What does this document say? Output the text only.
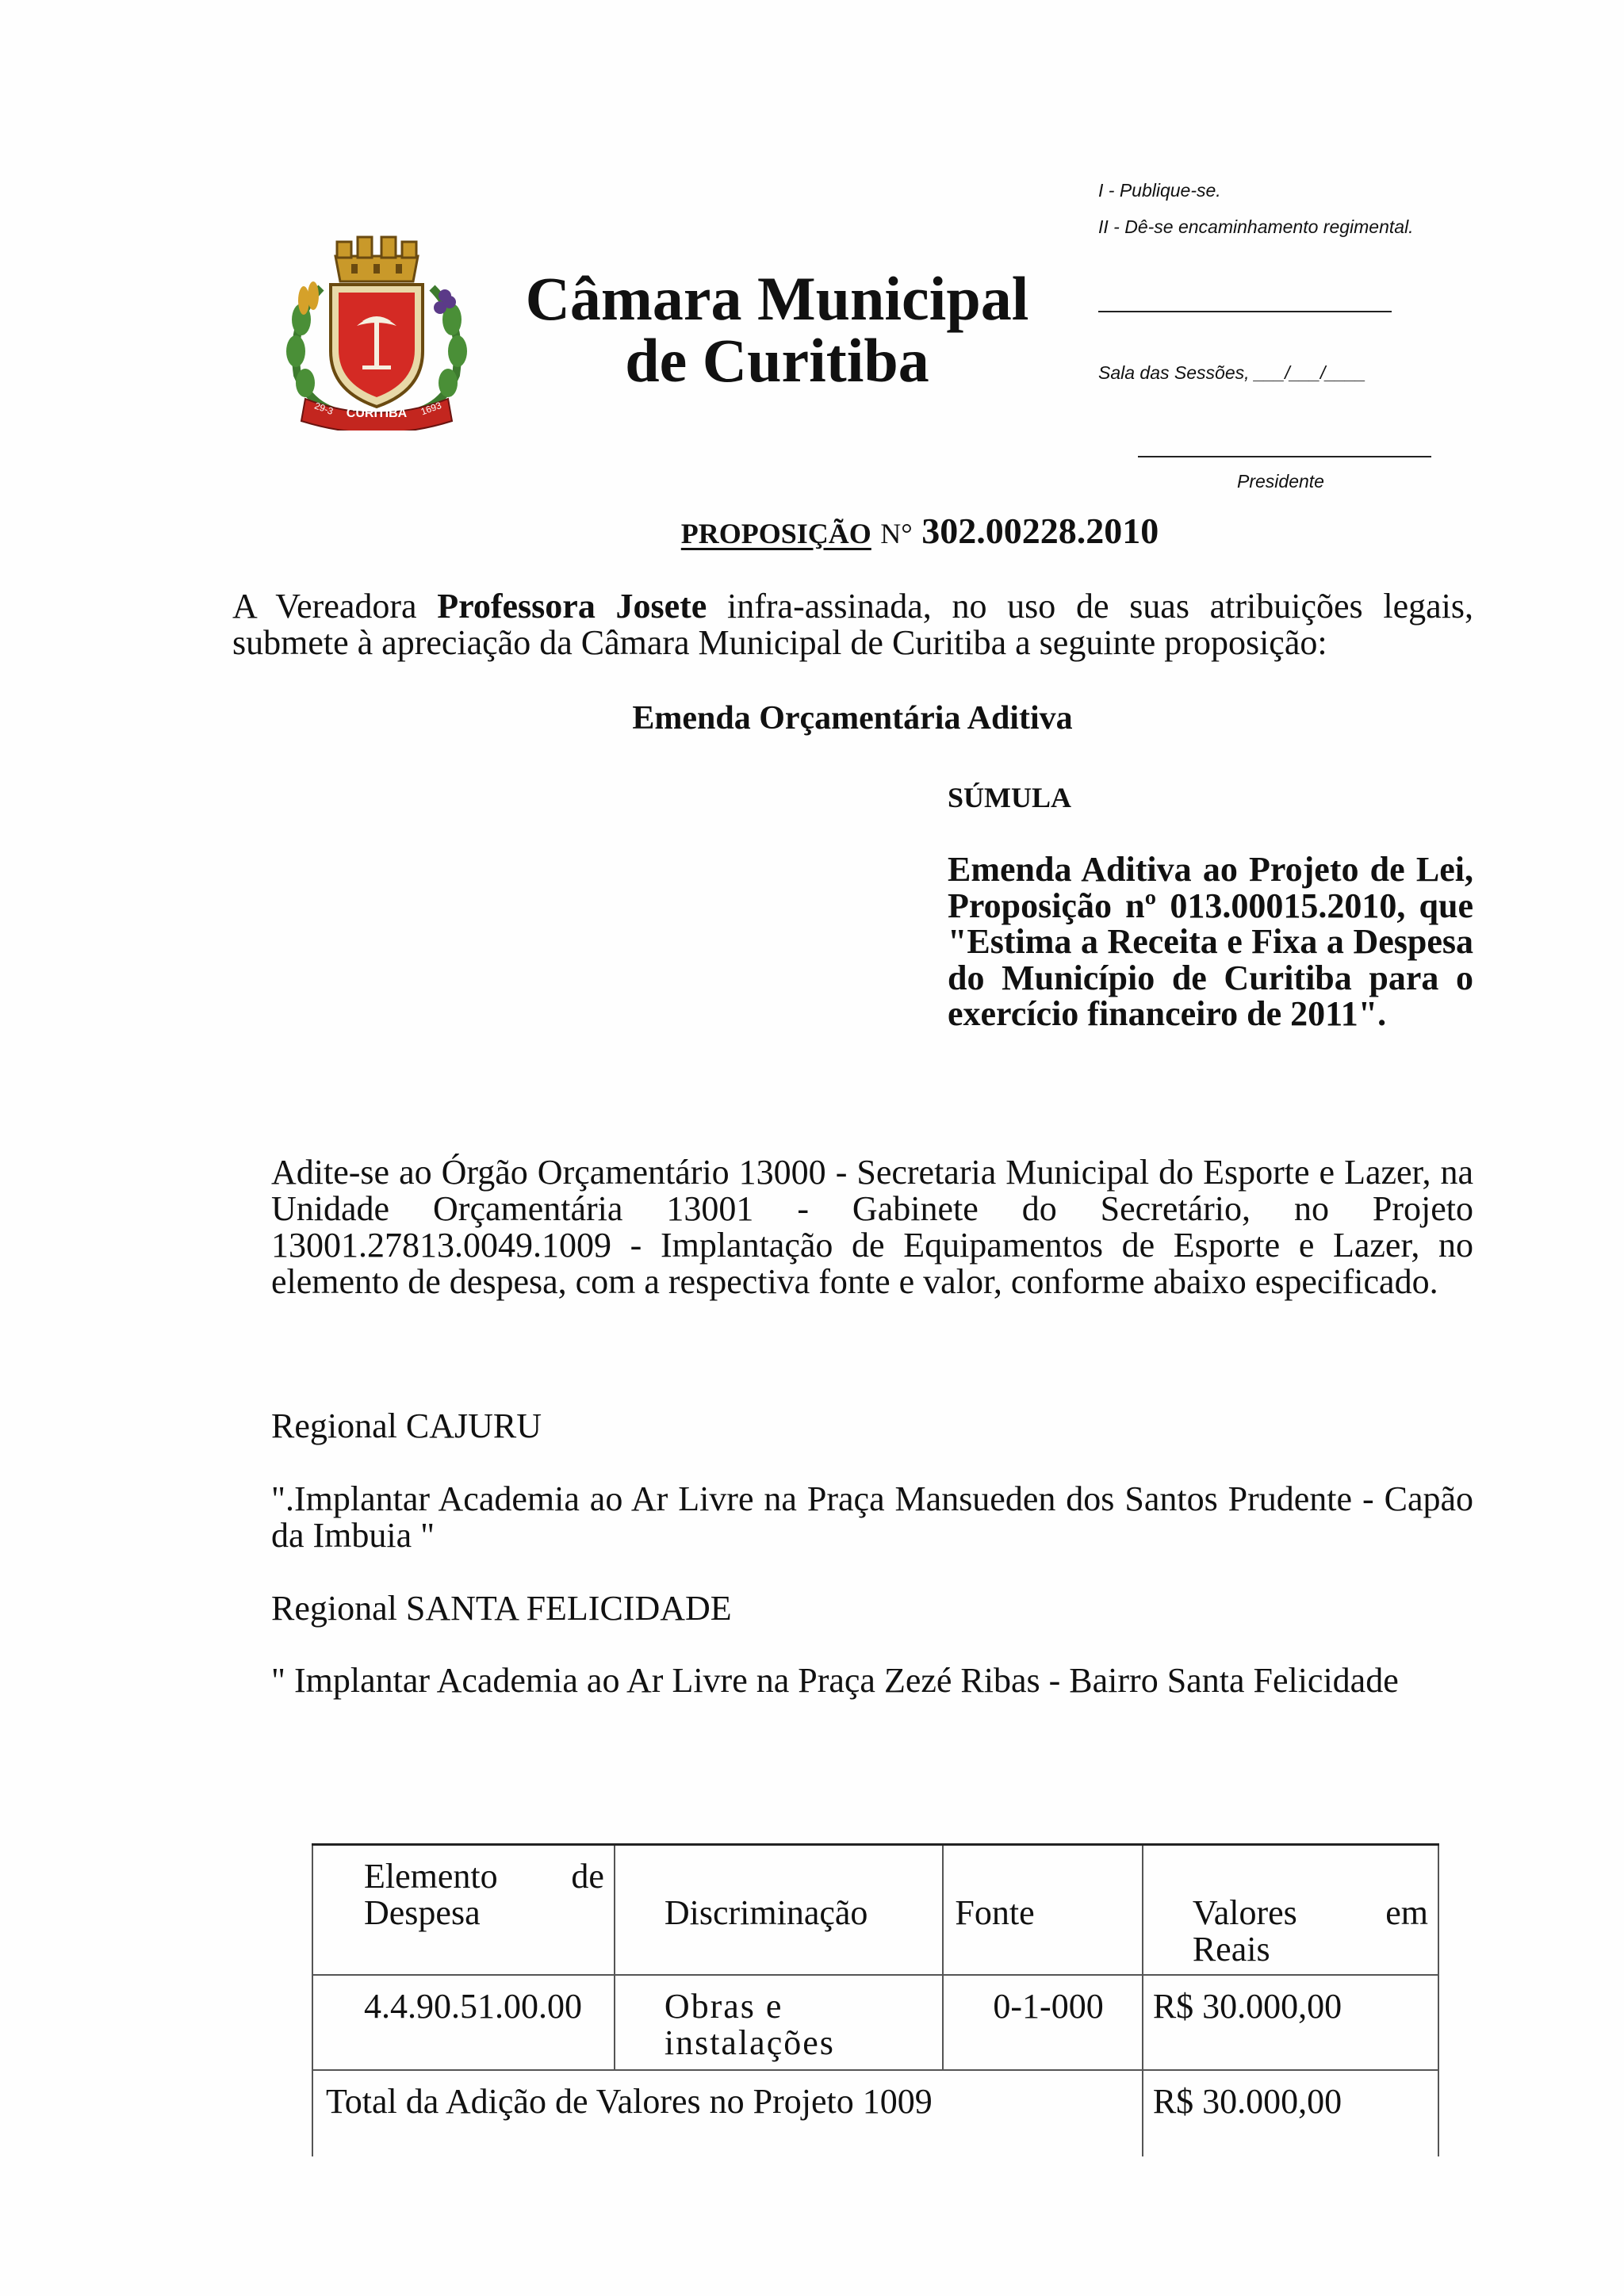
CURITIBA
29-3	1693
Câmara Municipal
de Curitiba
I - Publique-se.
II - Dê-se encaminhamento regimental.
Sala das Sessões, ___/___/____
Presidente
PROPOSIÇÃO N° 302.00228.2010
A Vereadora Professora Josete infra-assinada, no uso de suas atribuições legais,
submete à apreciação da Câmara Municipal de Curitiba a seguinte proposição:
Emenda Orçamentária Aditiva
SÚMULA
Emenda Aditiva ao Projeto de Lei, Proposição nº 013.00015.2010, que "Estima a Receita e Fixa a Despesa do Município de Curitiba para o exercício financeiro de 2011".
Adite-se ao Órgão Orçamentário 13000 - Secretaria Municipal do Esporte e Lazer, na Unidade Orçamentária 13001 - Gabinete do Secretário, no Projeto 13001.27813.0049.1009 - Implantação de Equipamentos de Esporte e Lazer, no elemento de despesa, com a respectiva fonte e valor, conforme abaixo especificado.
Regional CAJURU
".Implantar Academia ao Ar Livre na Praça Mansueden dos Santos Prudente - Capão da Imbuia "
Regional SANTA FELICIDADE
" Implantar Academia ao Ar Livre na Praça Zezé Ribas - Bairro Santa Felicidade
Elemento de Despesa	Discriminação	Fonte	Valores em Reais

4.4.90.51.00.00	Obras e instalações	0-1-000	R$ 30.000,00

Total da Adição de Valores no Projeto 1009			R$ 30.000,00
